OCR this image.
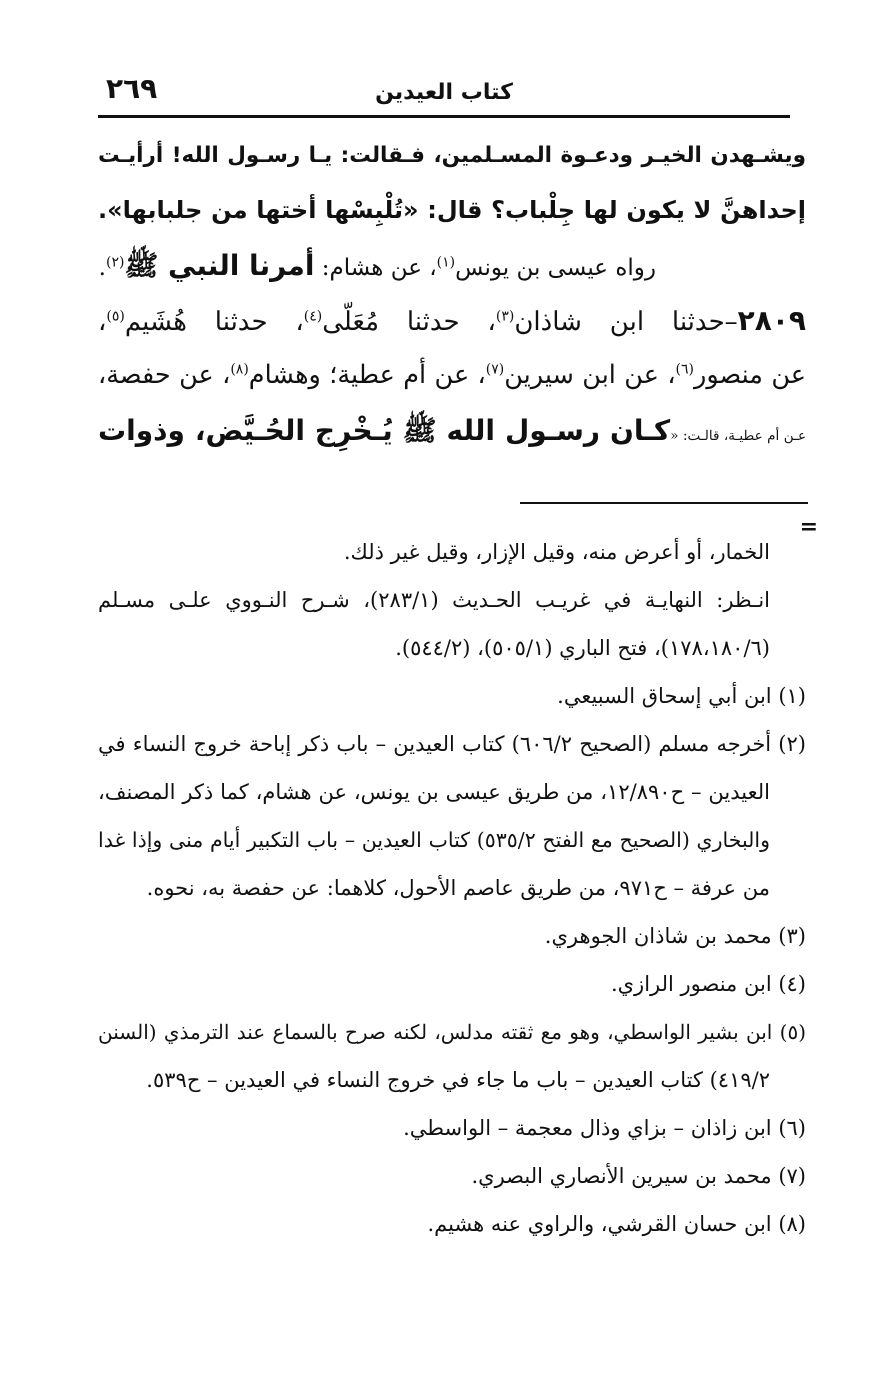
كتاب العيدين
٢٦٩
ويشـهدن الخيـر ودعـوة المسـلمين، فـقالت: يـا رسـول الله! أرأيـت
إحداهنَّ لا يكون لها جِلْباب؟ قال: «تُلْبِسْها أختها من جلبابها».
رواه عيسى بن يونس$^{(١)}$، عن هشام: أمرنا النبي ﷺ$^{(٢)}$.
٢٨٠٩–حدثنا ابن شاذان$^{(٣)}$، حدثنا مُعَلّى$^{(٤)}$، حدثنا هُشَيم$^{(٥)}$،
عن منصور$^{(٦)}$، عن ابن سيرين$^{(٧)}$، عن أم عطية؛ وهشام$^{(٨)}$، عن حفصة،
عـن أم عطيـة، قالـت: «كـان رسـول الله ﷺ يُـخْرِج الحُـيَّض، وذوات
=
الخمار، أو أعرض منه، وقيل الإزار، وقيل غير ذلك.
انـظر: النهايـة في غريـب الحـديث (٢٨٣/١)، شـرح النـووي علـى مسـلم
(١٧٨،١٨٠/٦)، فتح الباري (٥٠٥/١)، (٥٤٤/٢).
(١) ابن أبي إسحاق السبيعي.
(٢) أخرجه مسلم (الصحيح ٦٠٦/٢) كتاب العيدين – باب ذكر إباحة خروج النساء في
العيدين – ح١٢/٨٩٠، من طريق عيسى بن يونس، عن هشام، كما ذكر المصنف،
والبخاري (الصحيح مع الفتح ٥٣٥/٢) كتاب العيدين – باب التكبير أيام منى وإذا غدا
من عرفة – ح٩٧١، من طريق عاصم الأحول، كلاهما: عن حفصة به، نحوه.
(٣) محمد بن شاذان الجوهري.
(٤) ابن منصور الرازي.
(٥) ابن بشير الواسطي، وهو مع ثقته مدلس، لكنه صرح بالسماع عند الترمذي (السنن
٤١٩/٢) كتاب العيدين – باب ما جاء في خروج النساء في العيدين – ح٥٣٩.
(٦) ابن زاذان – بزاي وذال معجمة – الواسطي.
(٧) محمد بن سيرين الأنصاري البصري.
(٨) ابن حسان القرشي، والراوي عنه هشيم.
